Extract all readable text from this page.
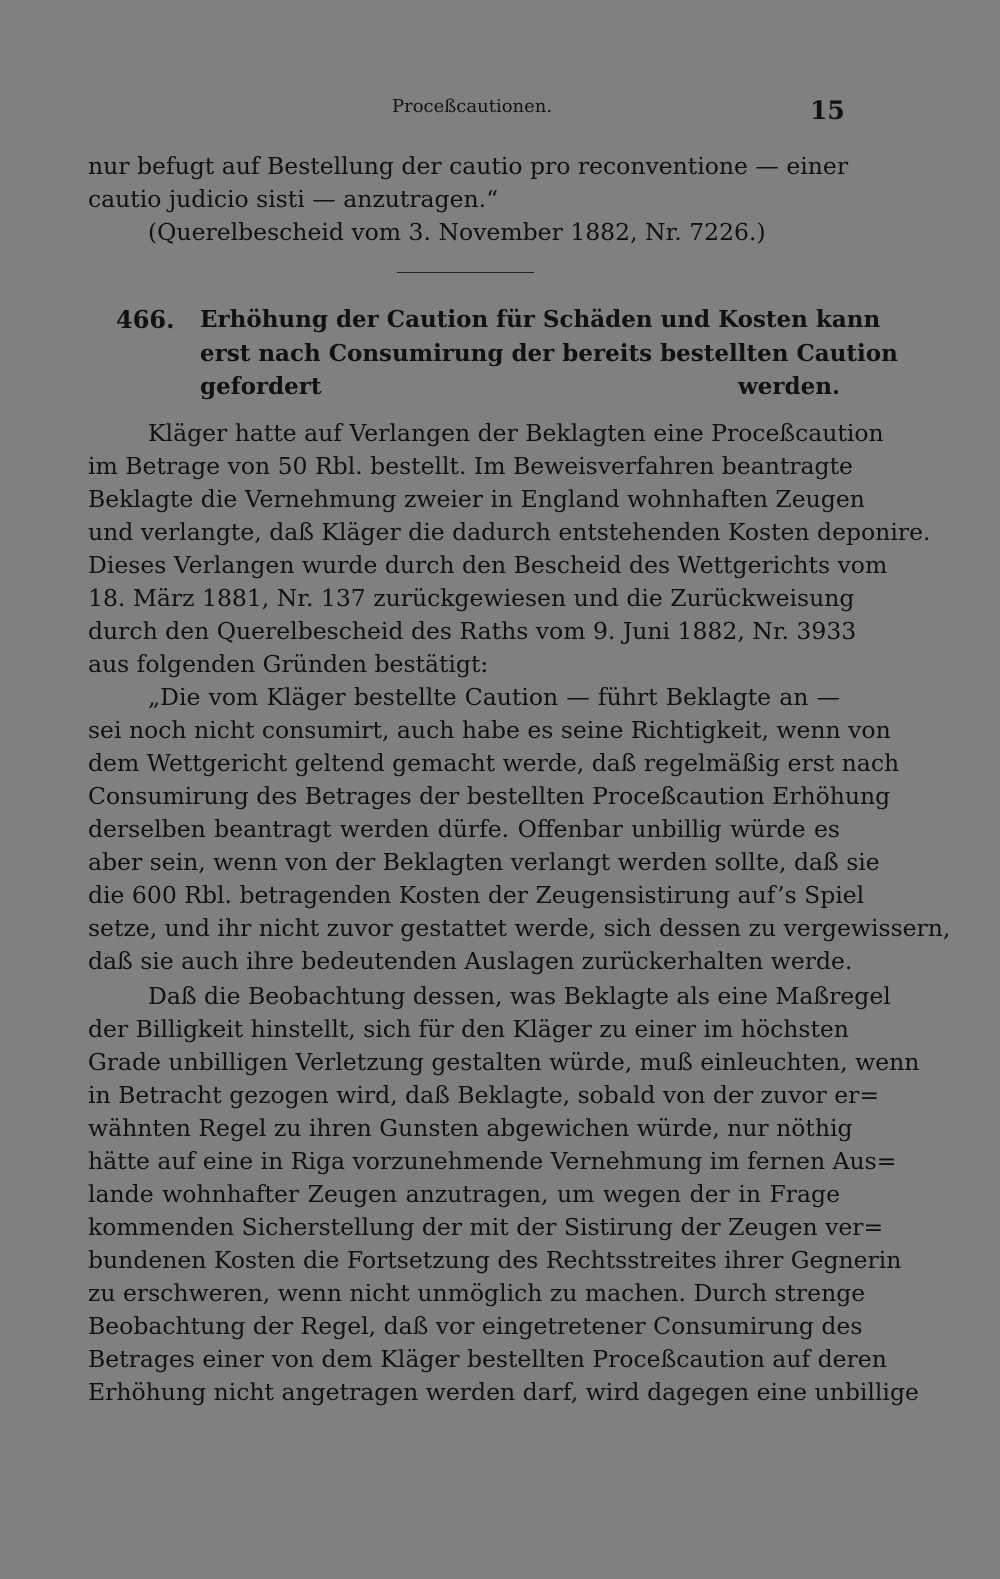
Proceßcautionen.	15
nur befugt auf Bestellung der cautio pro reconventione — einer
cautio judicio sisti — anzutragen.“
(Querelbescheid vom 3. November 1882, Nr. 7226.)
466. Erhöhung der Caution für Schäden und Kosten kann
erst nach Consumirung der bereits bestellten Caution
gefordert werden.
Kläger hatte auf Verlangen der Beklagten eine Proceßcaution
im Betrage von 50 Rbl. bestellt. Im Beweisverfahren beantragte
Beklagte die Vernehmung zweier in England wohnhaften Zeugen
und verlangte, daß Kläger die dadurch entstehenden Kosten deponire.
Dieses Verlangen wurde durch den Bescheid des Wettgerichts vom
18. März 1881, Nr. 137 zurückgewiesen und die Zurückweisung
durch den Querelbescheid des Raths vom 9. Juni 1882, Nr. 3933
aus folgenden Gründen bestätigt:
„Die vom Kläger bestellte Caution — führt Beklagte an —
sei noch nicht consumirt, auch habe es seine Richtigkeit, wenn von
dem Wettgericht geltend gemacht werde, daß regelmäßig erst nach
Consumirung des Betrages der bestellten Proceßcaution Erhöhung
derselben beantragt werden dürfe. Offenbar unbillig würde es
aber sein, wenn von der Beklagten verlangt werden sollte, daß sie
die 600 Rbl. betragenden Kosten der Zeugensistirung auf’s Spiel
setze, und ihr nicht zuvor gestattet werde, sich dessen zu vergewissern,
daß sie auch ihre bedeutenden Auslagen zurückerhalten werde.
Daß die Beobachtung dessen, was Beklagte als eine Maßregel
der Billigkeit hinstellt, sich für den Kläger zu einer im höchsten
Grade unbilligen Verletzung gestalten würde, muß einleuchten, wenn
in Betracht gezogen wird, daß Beklagte, sobald von der zuvor er=
wähnten Regel zu ihren Gunsten abgewichen würde, nur nöthig
hätte auf eine in Riga vorzunehmende Vernehmung im fernen Aus=
lande wohnhafter Zeugen anzutragen, um wegen der in Frage
kommenden Sicherstellung der mit der Sistirung der Zeugen ver=
bundenen Kosten die Fortsetzung des Rechtsstreites ihrer Gegnerin
zu erschweren, wenn nicht unmöglich zu machen. Durch strenge
Beobachtung der Regel, daß vor eingetretener Consumirung des
Betrages einer von dem Kläger bestellten Proceßcaution auf deren
Erhöhung nicht angetragen werden darf, wird dagegen eine unbillige
